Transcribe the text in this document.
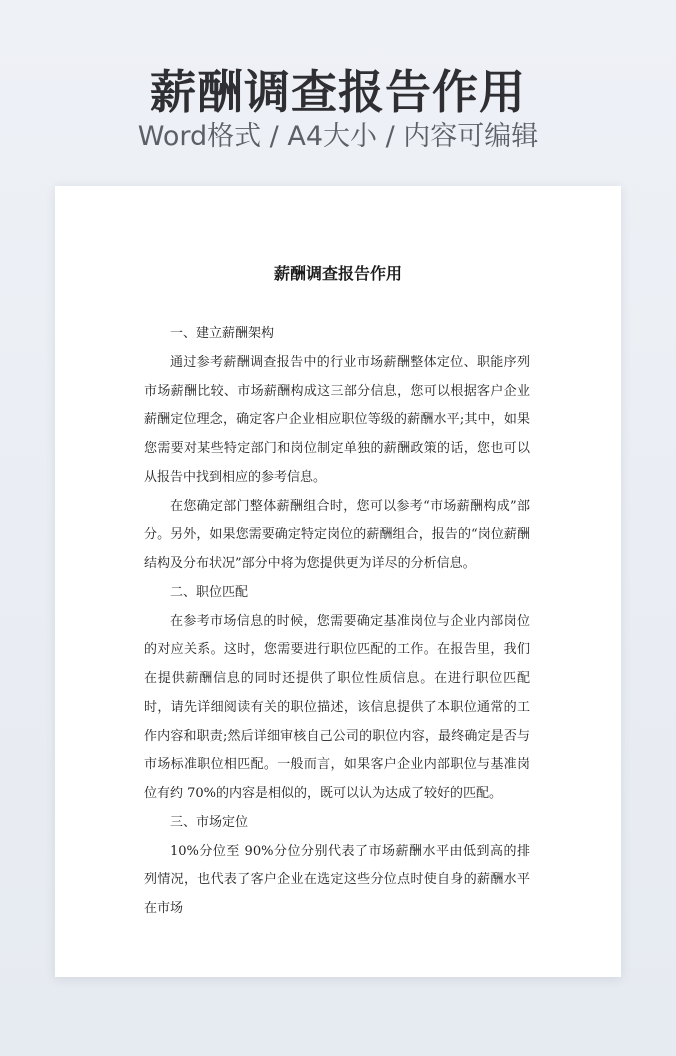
薪酬调查报告作用
Word格式 / A4大小 / 内容可编辑
薪酬调查报告作用

一、建立薪酬架构

通过参考薪酬调查报告中的行业市场薪酬整体定位、职能序列市场薪酬比较、市场薪酬构成这三部分信息，您可以根据客户企业薪酬定位理念，确定客户企业相应职位等级的薪酬水平;其中，如果您需要对某些特定部门和岗位制定单独的薪酬政策的话，您也可以从报告中找到相应的参考信息。

在您确定部门整体薪酬组合时，您可以参考“市场薪酬构成”部分。另外，如果您需要确定特定岗位的薪酬组合，报告的“岗位薪酬结构及分布状况”部分中将为您提供更为详尽的分析信息。

二、职位匹配

在参考市场信息的时候，您需要确定基准岗位与企业内部岗位的对应关系。这时，您需要进行职位匹配的工作。在报告里，我们在提供薪酬信息的同时还提供了职位性质信息。在进行职位匹配时，请先详细阅读有关的职位描述，该信息提供了本职位通常的工作内容和职责;然后详细审核自己公司的职位内容，最终确定是否与市场标准职位相匹配。一般而言，如果客户企业内部职位与基准岗位有约 70%的内容是相似的，既可以认为达成了较好的匹配。

三、市场定位

10%分位至 90%分位分别代表了市场薪酬水平由低到高的排列情况，也代表了客户企业在选定这些分位点时使自身的薪酬水平在市场
